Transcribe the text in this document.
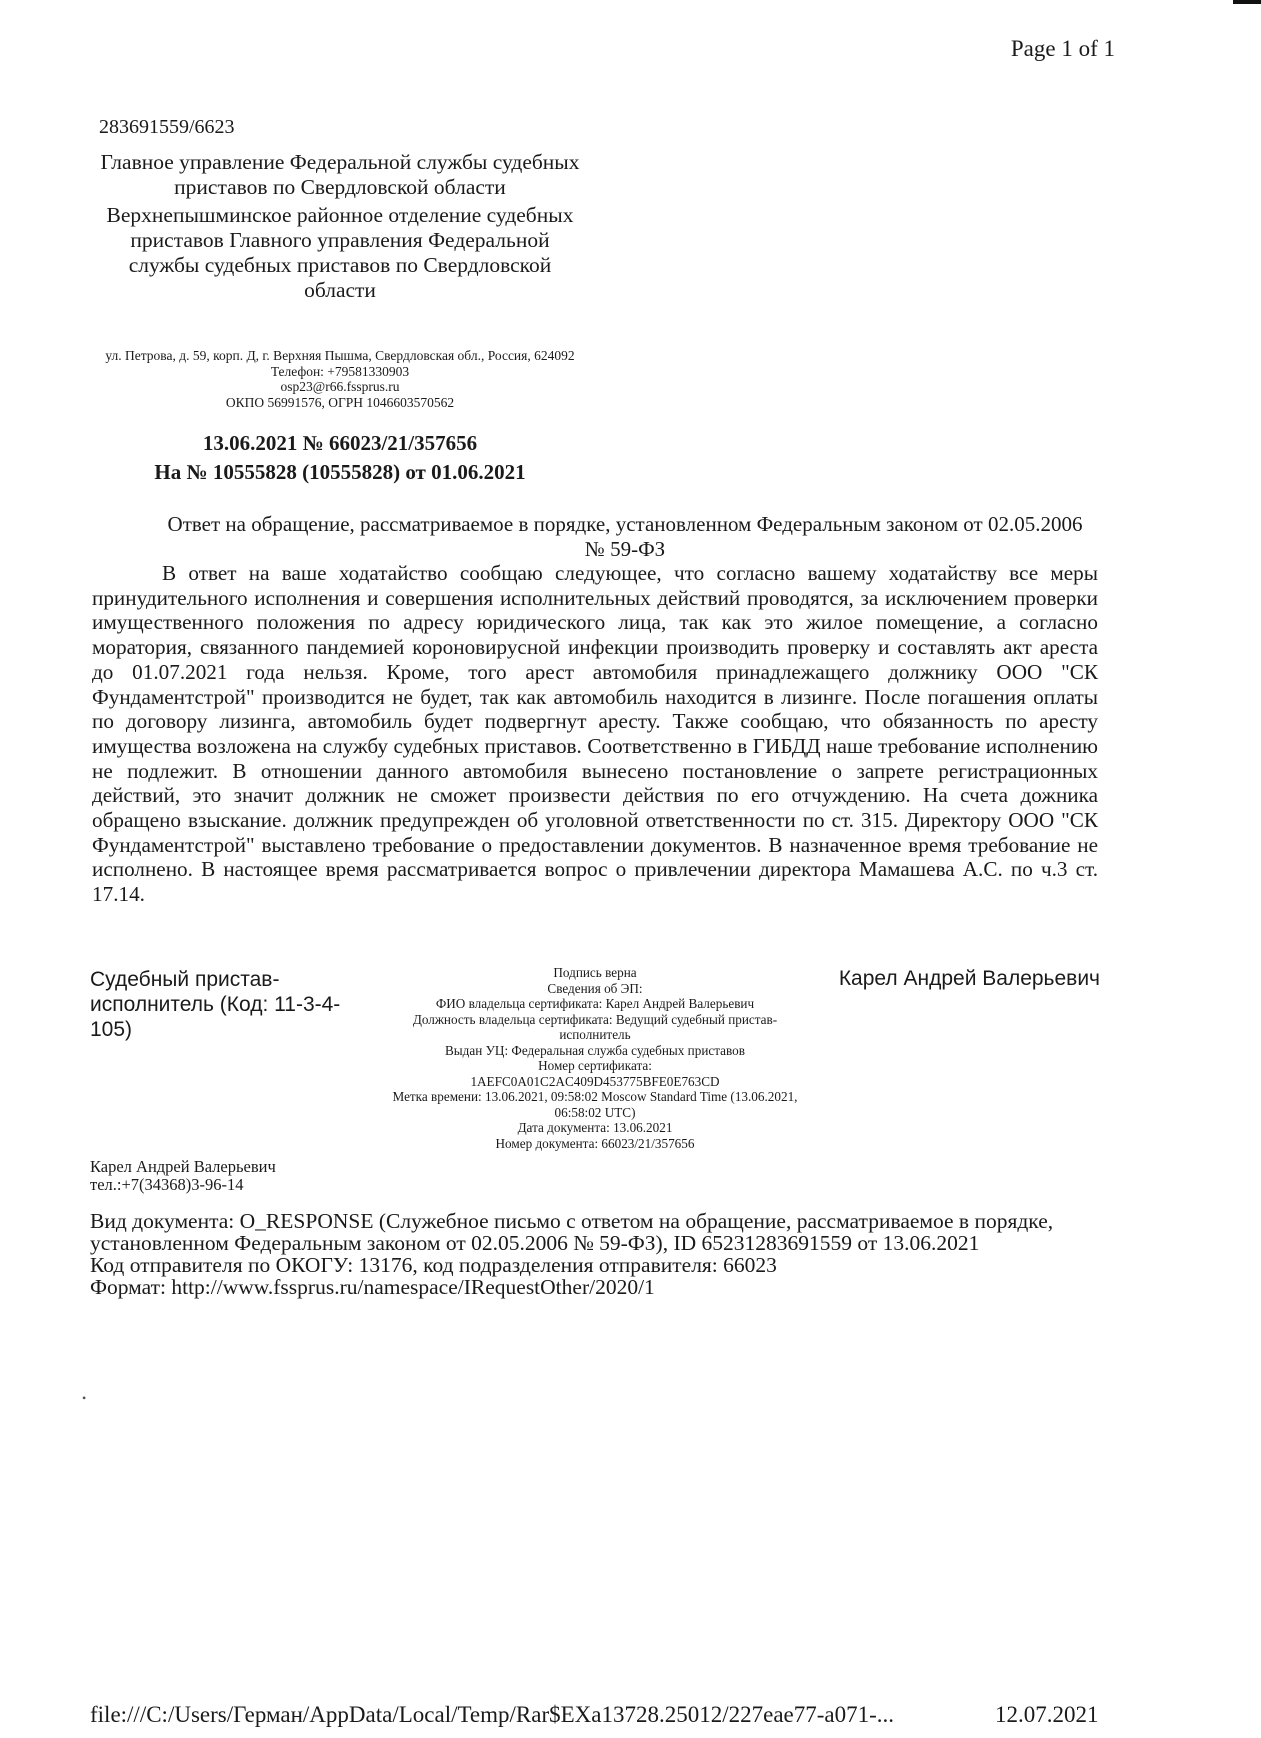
Page 1 of 1
283691559/6623
Главное управление Федеральной службы судебных приставов по Свердловской области
Верхнепышминское районное отделение судебных приставов Главного управления Федеральной службы судебных приставов по Свердловской области
ул. Петрова, д. 59, корп. Д, г. Верхняя Пышма, Свердловская обл., Россия, 624092
Телефон: +79581330903
osp23@r66.fssprus.ru
ОКПО 56991576, ОГРН 1046603570562
13.06.2021 № 66023/21/357656
На № 10555828 (10555828) от 01.06.2021
Ответ на обращение, рассматриваемое в порядке, установленном Федеральным законом от 02.05.2006 № 59-ФЗ

В ответ на ваше ходатайство сообщаю следующее, что согласно вашему ходатайству все меры принудительного исполнения и совершения исполнительных действий проводятся, за исключением проверки имущественного положения по адресу юридического лица, так как это жилое помещение, а согласно моратория, связанного пандемией короновирусной инфекции производить проверку и составлять акт ареста до 01.07.2021 года нельзя. Кроме, того арест автомобиля принадлежащего должнику ООО "СК Фундаментстрой" производится не будет, так как автомобиль находится в лизинге. После погашения оплаты по договору лизинга, автомобиль будет подвергнут аресту. Также сообщаю, что обязанность по аресту имущества возложена на службу судебных приставов. Соответственно в ГИБДД наше требование исполнению не подлежит. В отношении данного автомобиля вынесено постановление о запрете регистрационных действий, это значит должник не сможет произвести действия по его отчуждению. На счета дожника обращено взыскание. должник предупрежден об уголовной ответственности по ст. 315. Директору ООО "СК Фундаментстрой" выставлено требование о предоставлении документов. В назначенное время требование не исполнено. В настоящее время рассматривается вопрос о привлечении директора Мамашева А.С. по ч.3 ст. 17.14.

Судебный пристав-исполнитель (Код: 11-3-4-105)
Подпись верна
Сведения об ЭП:
ФИО владельца сертификата: Карел Андрей Валерьевич
Должность владельца сертификата: Ведущий судебный пристав-исполнитель
Выдан УЦ: Федеральная служба судебных приставов
Номер сертификата:
1AEFC0A01C2AC409D453775BFE0E763CD
Метка времени: 13.06.2021, 09:58:02 Moscow Standard Time (13.06.2021, 06:58:02 UTC)
Дата документа: 13.06.2021
Номер документа: 66023/21/357656
Карел Андрей Валерьевич
Карел Андрей Валерьевич
тел.:+7(34368)3-96-14
Вид документа: O_RESPONSE (Служебное письмо с ответом на обращение, рассматриваемое в порядке, установленном Федеральным законом от 02.05.2006 № 59-ФЗ), ID 65231283691559 от 13.06.2021
Код отправителя по ОКОГУ: 13176, код подразделения отправителя: 66023
Формат: http://www.fssprus.ru/namespace/IRequestOther/2020/1
•
file:///C:/Users/Герман/AppData/Local/Temp/Rar$EXa13728.25012/227eae77-a071-...	12.07.2021
